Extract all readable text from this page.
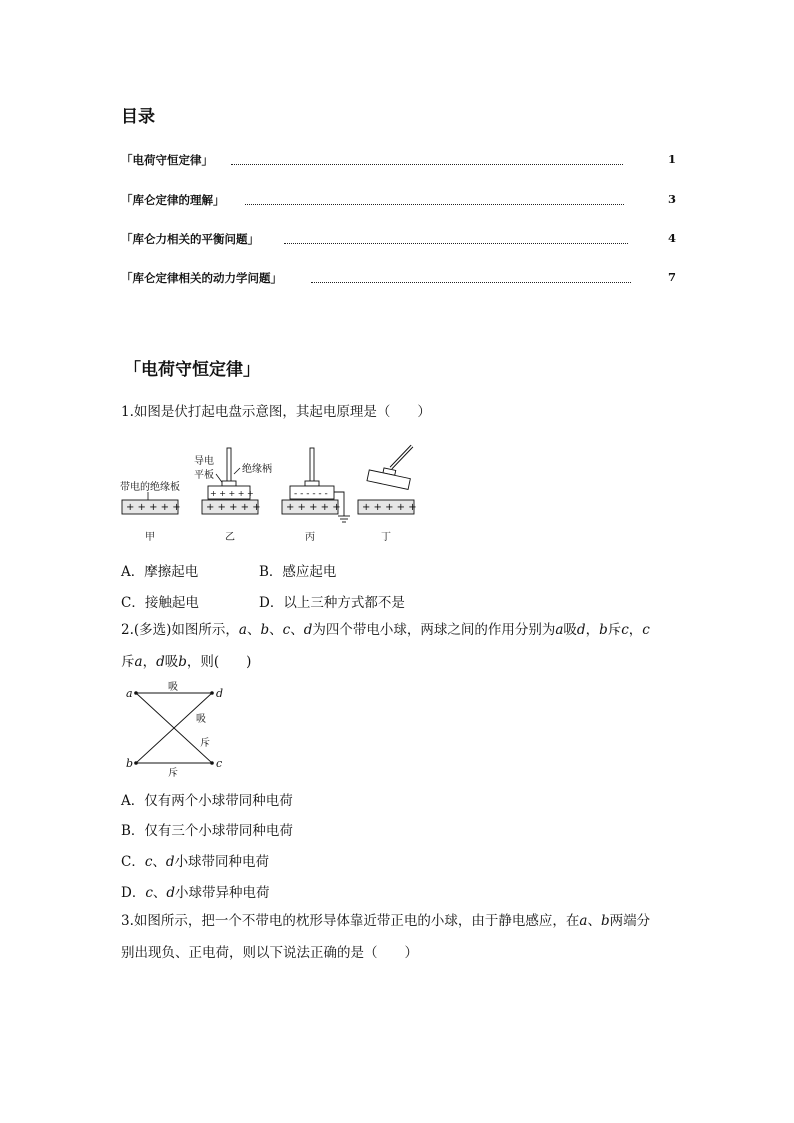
目录
「电荷守恒定律」	1
「库仑定律的理解」	3
「库仑力相关的平衡问题」	4
「库仑定律相关的动力学问题」	7
「电荷守恒定律」
1.如图是伏打起电盘示意图，其起电原理是（　　）
带电的绝缘板
+ + + + +
甲
导电
平板
绝缘柄
+ + + + +
+ + + + +
乙
- - - - - -
+ + + + +
丙
+ + + + +
丁
A．摩擦起电	B．感应起电
C．接触起电	D．以上三种方式都不是
2.(多选)如图所示，a、b、c、d为四个带电小球，两球之间的作用分别为a吸d，b斥c，c
斥a，d吸b，则(　　)
a	d
b	c
吸
吸
斥
斥
A．仅有两个小球带同种电荷
B．仅有三个小球带同种电荷
C．c、d小球带同种电荷
D．c、d小球带异种电荷
3.如图所示，把一个不带电的枕形导体靠近带正电的小球，由于静电感应，在a、b两端分
别出现负、正电荷，则以下说法正确的是（　　）
